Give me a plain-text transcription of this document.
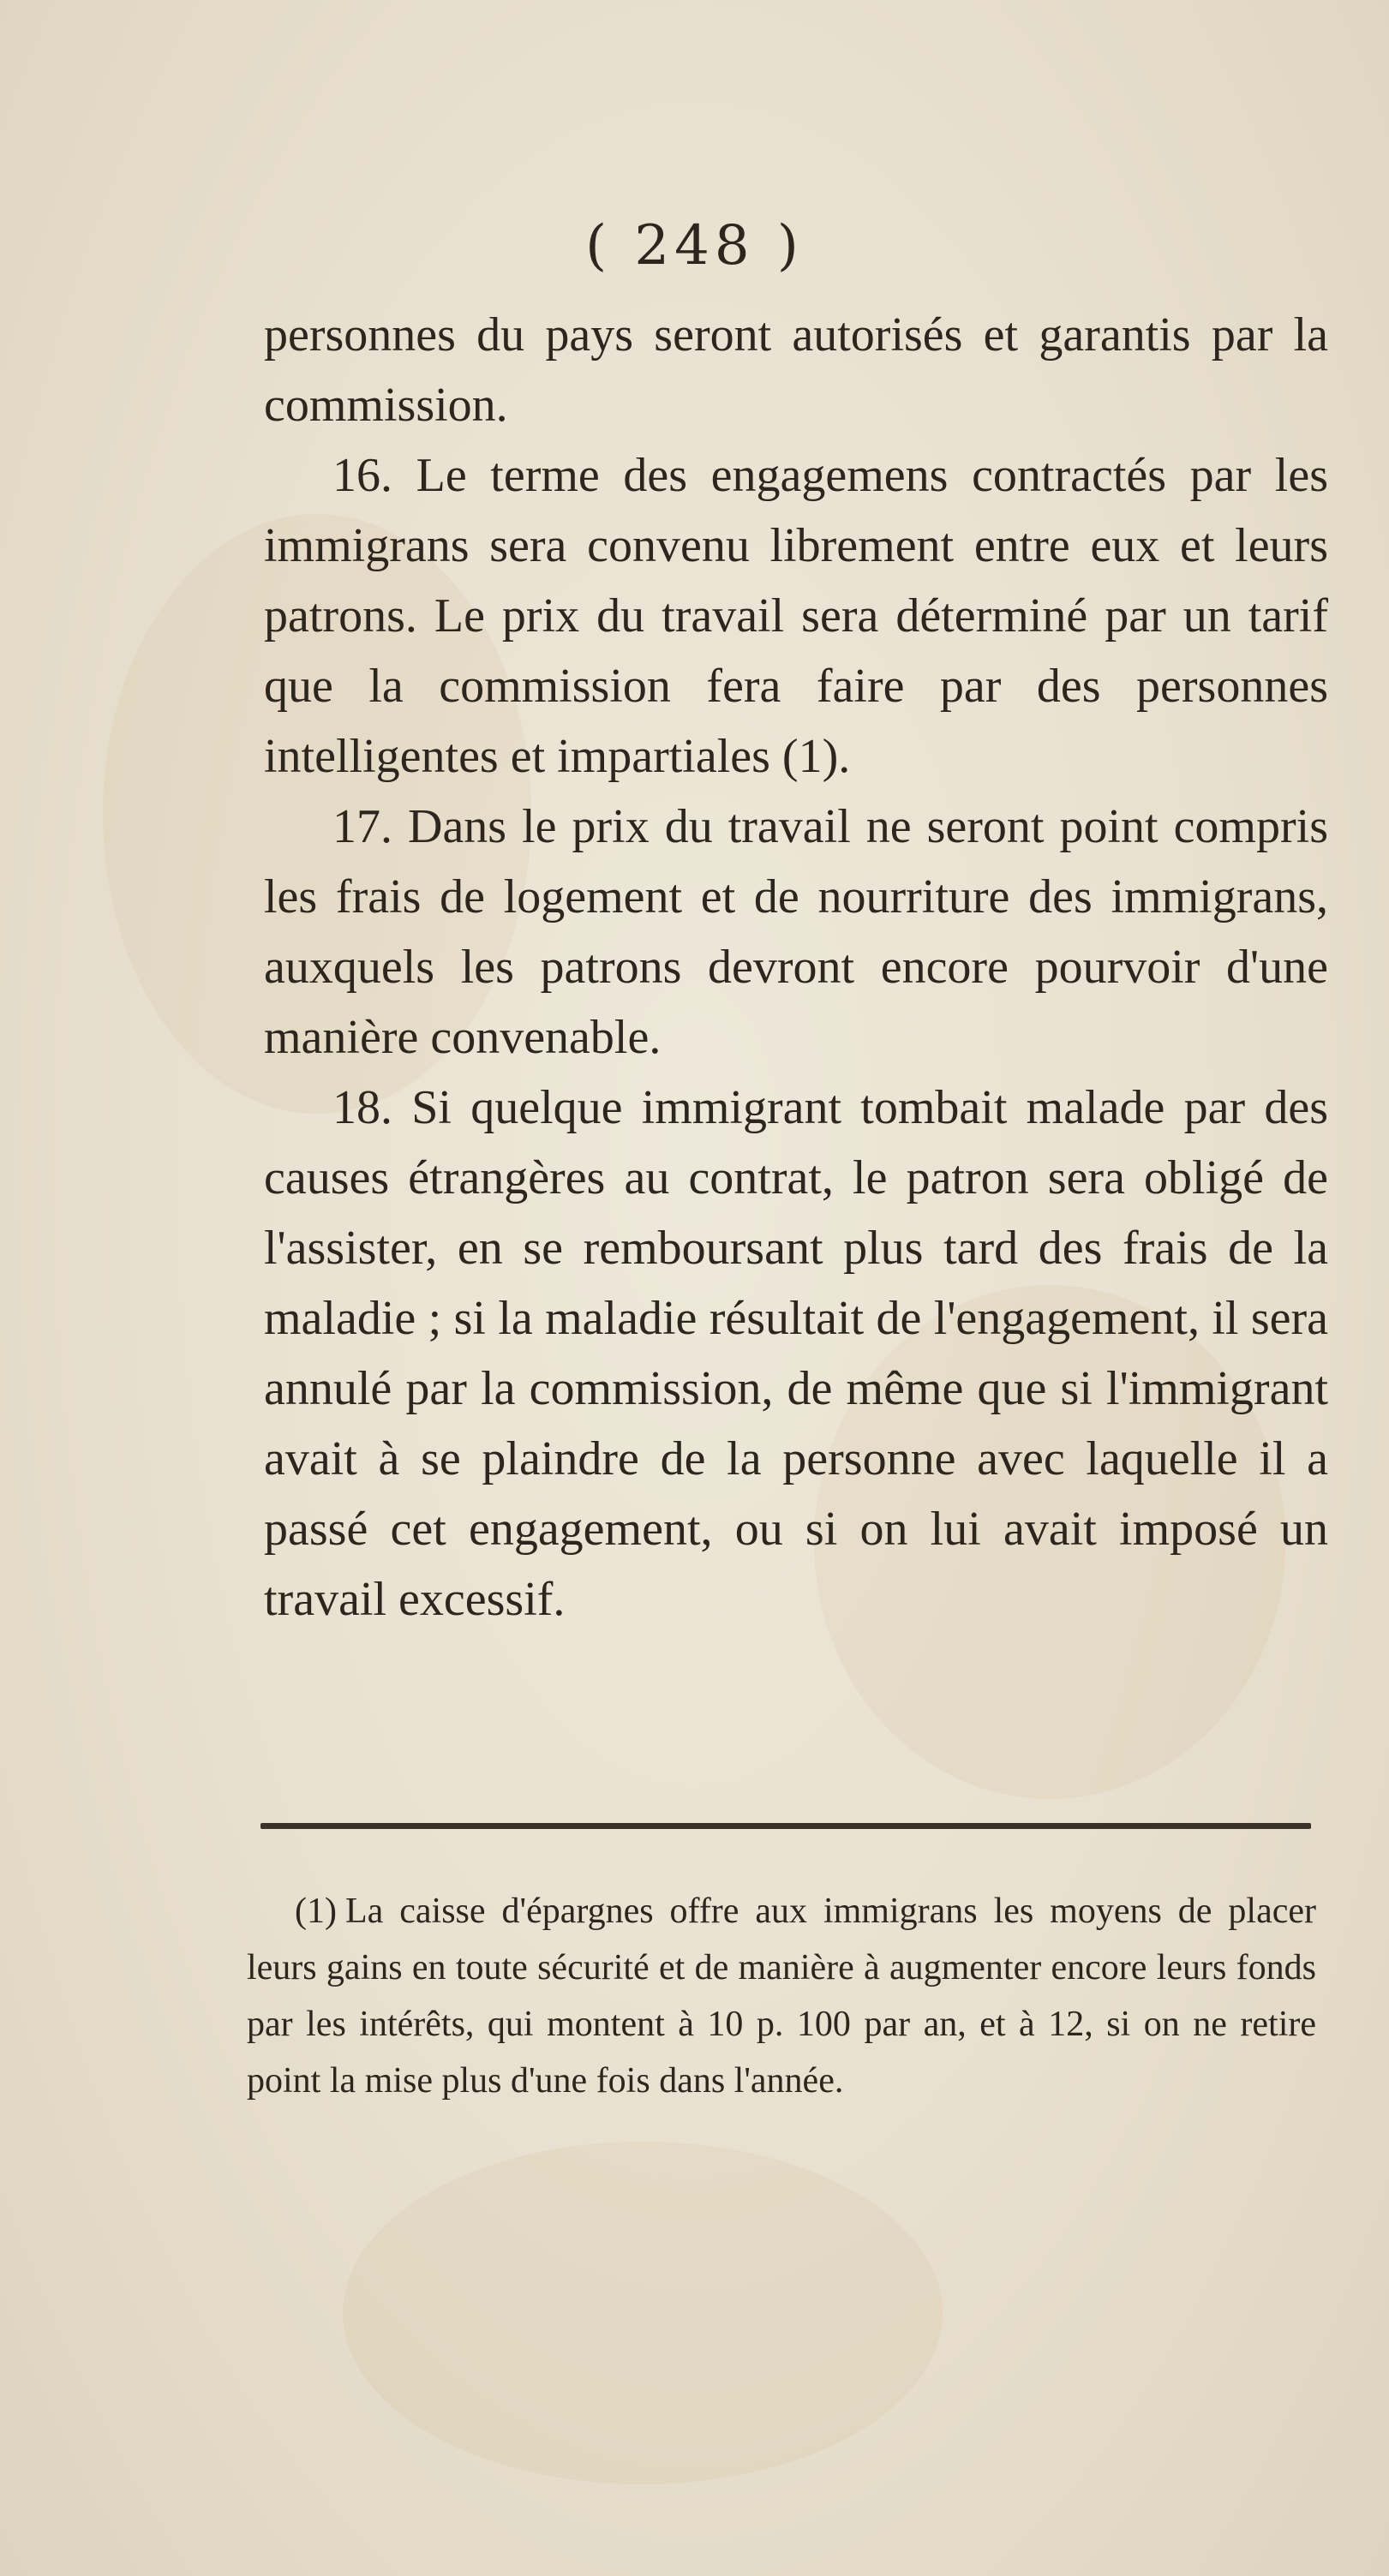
( 248 )

personnes du pays seront autorisés et garantis par la commission.

16. Le terme des engagemens contractés par les immigrans sera convenu librement entre eux et leurs patrons. Le prix du travail sera déterminé par un tarif que la commission fera faire par des personnes intelligentes et impartiales (1).

17. Dans le prix du travail ne seront point compris les frais de logement et de nourriture des immigrans, auxquels les patrons devront encore pourvoir d'une manière convenable.

18. Si quelque immigrant tombait malade par des causes étrangères au contrat, le patron sera obligé de l'assister, en se remboursant plus tard des frais de la maladie ; si la maladie résultait de l'engagement, il sera annulé par la commission, de même que si l'immigrant avait à se plaindre de la personne avec laquelle il a passé cet engagement, ou si on lui avait imposé un travail excessif.

(1) La caisse d'épargnes offre aux immigrans les moyens de placer leurs gains en toute sécurité et de manière à augmenter encore leurs fonds par les intérêts, qui montent à 10 p. 100 par an, et à 12, si on ne retire point la mise plus d'une fois dans l'année.
